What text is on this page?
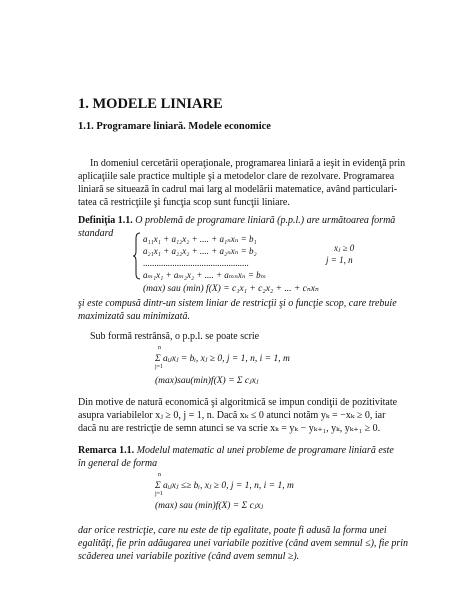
1. MODELE LINIARE
1.1. Programare liniară. Modele economice
In domeniul cercetării operaţionale, programarea liniară a ieşit in evidenţă prin
aplicaţiile sale practice multiple şi a metodelor clare de rezolvare. Programarea
liniară se situează în cadrul mai larg al modelării matematice, având particulari-
tatea că restricţiile şi funcţia scop sunt funcţii liniare.
Definiţia 1.1. O problemă de programare liniară (p.p.l.) are următoarea formă
standard	a₁₁x₁ + a₁₂x₂ + .... + a₁ₙxₙ = b₁
a₂₁x₁ + a₂₂x₂ + .... + a₂ₙxₙ = b₂
...............................................
aₘ₁x₁ + aₘ₂x₂ + .... + aₘₙxₙ = bₘ
xⱼ ≥ 0
j = 1, n
(max) sau (min) f(X) = c₁x₁ + c₂x₂ + ... + cₙxₙ
şi este compusă dintr-un sistem liniar de restricţii şi o funcţie scop, care trebuie
maximizată sau minimizată.
Sub formă restrânsă, o p.p.l. se poate scrie
n
Σ aᵢⱼxⱼ = bᵢ, xⱼ ≥ 0, j = 1, n, i = 1, m
j=1
(max)sau(min)f(X) = Σ cⱼxⱼ
Din motive de natură economică şi algoritmică se impun condiţii de pozitivitate
asupra variabilelor xⱼ ≥ 0, j = 1, n. Dacă xₖ ≤ 0 atunci notăm yₖ = −xₖ ≥ 0, iar
dacă nu are restricţie de semn atunci se va scrie xₖ = yₖ − yₖ₊₁, yₖ, yₖ₊₁ ≥ 0.
Remarca 1.1. Modelul matematic al unei probleme de programare liniară este
în general de forma
n
Σ aᵢⱼxⱼ ≤≥ bᵢ, xⱼ ≥ 0, j = 1, n, i = 1, m
j=1
(max) sau (min)f(X) = Σ cⱼxⱼ
dar orice restricţie, care nu este de tip egalitate, poate fi adusă la forma unei
egalităţi, fie prin adăugarea unei variabile pozitive (când avem semnul ≤), fie prin
scăderea unei variabile pozitive (când avem semnul ≥).
